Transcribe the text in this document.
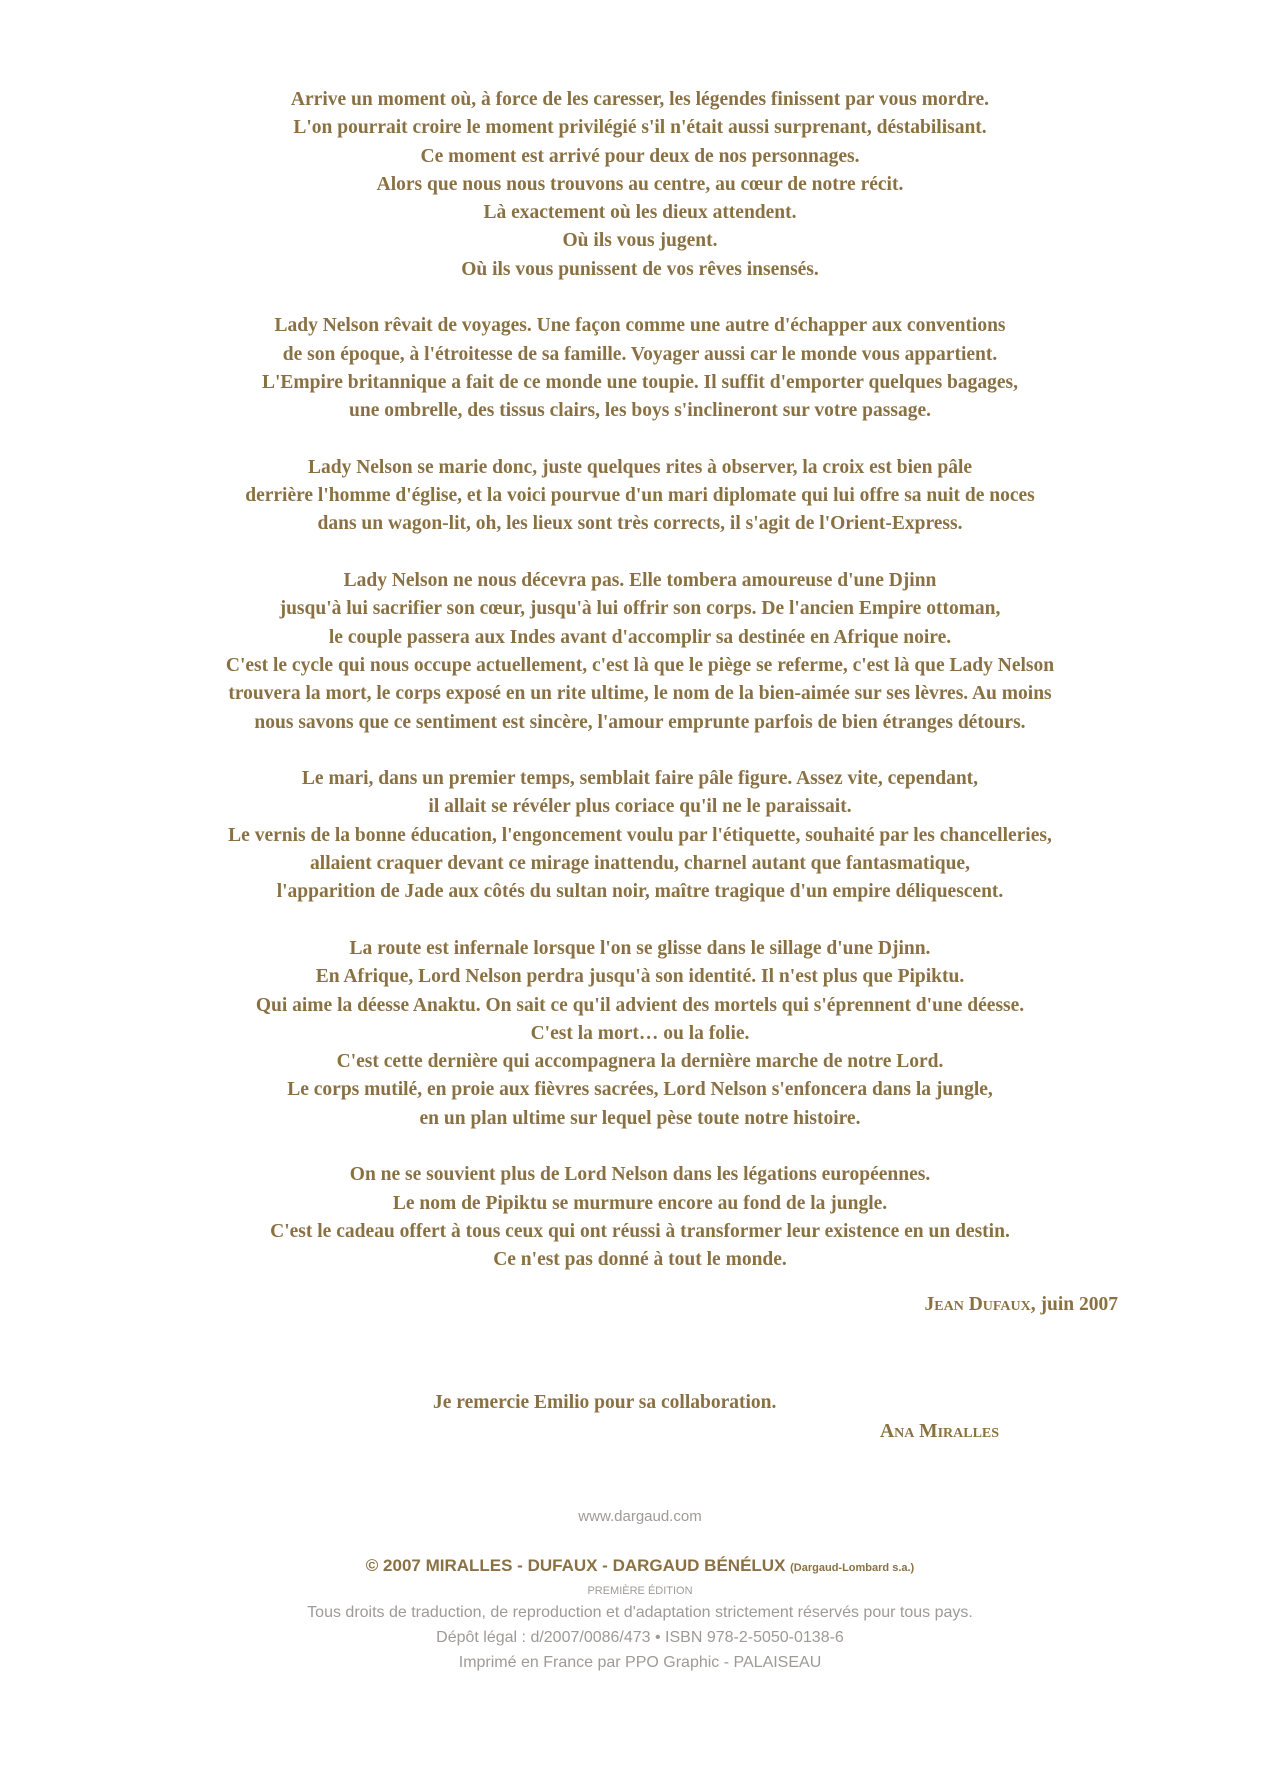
Arrive un moment où, à force de les caresser, les légendes finissent par vous mordre.
L'on pourrait croire le moment privilégié s'il n'était aussi surprenant, déstabilisant.
Ce moment est arrivé pour deux de nos personnages.
Alors que nous nous trouvons au centre, au cœur de notre récit.
Là exactement où les dieux attendent.
Où ils vous jugent.
Où ils vous punissent de vos rêves insensés.

Lady Nelson rêvait de voyages. Une façon comme une autre d'échapper aux conventions
de son époque, à l'étroitesse de sa famille. Voyager aussi car le monde vous appartient.
L'Empire britannique a fait de ce monde une toupie. Il suffit d'emporter quelques bagages,
une ombrelle, des tissus clairs, les boys s'inclineront sur votre passage.

Lady Nelson se marie donc, juste quelques rites à observer, la croix est bien pâle
derrière l'homme d'église, et la voici pourvue d'un mari diplomate qui lui offre sa nuit de noces
dans un wagon-lit, oh, les lieux sont très corrects, il s'agit de l'Orient-Express.

Lady Nelson ne nous décevra pas. Elle tombera amoureuse d'une Djinn
jusqu'à lui sacrifier son cœur, jusqu'à lui offrir son corps. De l'ancien Empire ottoman,
le couple passera aux Indes avant d'accomplir sa destinée en Afrique noire.
C'est le cycle qui nous occupe actuellement, c'est là que le piège se referme, c'est là que Lady Nelson
trouvera la mort, le corps exposé en un rite ultime, le nom de la bien-aimée sur ses lèvres. Au moins
nous savons que ce sentiment est sincère, l'amour emprunte parfois de bien étranges détours.

Le mari, dans un premier temps, semblait faire pâle figure. Assez vite, cependant,
il allait se révéler plus coriace qu'il ne le paraissait.
Le vernis de la bonne éducation, l'engoncement voulu par l'étiquette, souhaité par les chancelleries,
allaient craquer devant ce mirage inattendu, charnel autant que fantasmatique,
l'apparition de Jade aux côtés du sultan noir, maître tragique d'un empire déliquescent.

La route est infernale lorsque l'on se glisse dans le sillage d'une Djinn.
En Afrique, Lord Nelson perdra jusqu'à son identité. Il n'est plus que Pipiktu.
Qui aime la déesse Anaktu. On sait ce qu'il advient des mortels qui s'éprennent d'une déesse.
C'est la mort… ou la folie.
C'est cette dernière qui accompagnera la dernière marche de notre Lord.
Le corps mutilé, en proie aux fièvres sacrées, Lord Nelson s'enfoncera dans la jungle,
en un plan ultime sur lequel pèse toute notre histoire.

On ne se souvient plus de Lord Nelson dans les légations européennes.
Le nom de Pipiktu se murmure encore au fond de la jungle.
C'est le cadeau offert à tous ceux qui ont réussi à transformer leur existence en un destin.
Ce n'est pas donné à tout le monde.

Jean Dufaux, juin 2007
Je remercie Emilio pour sa collaboration.
Ana Miralles
www.dargaud.com
© 2007 MIRALLES - DUFAUX - DARGAUD BÉNÉLUX (Dargaud-Lombard s.a.)
PREMIÈRE ÉDITION
Tous droits de traduction, de reproduction et d'adaptation strictement réservés pour tous pays.
Dépôt légal : d/2007/0086/473 • ISBN 978-2-5050-0138-6
Imprimé en France par PPO Graphic - PALAISEAU
